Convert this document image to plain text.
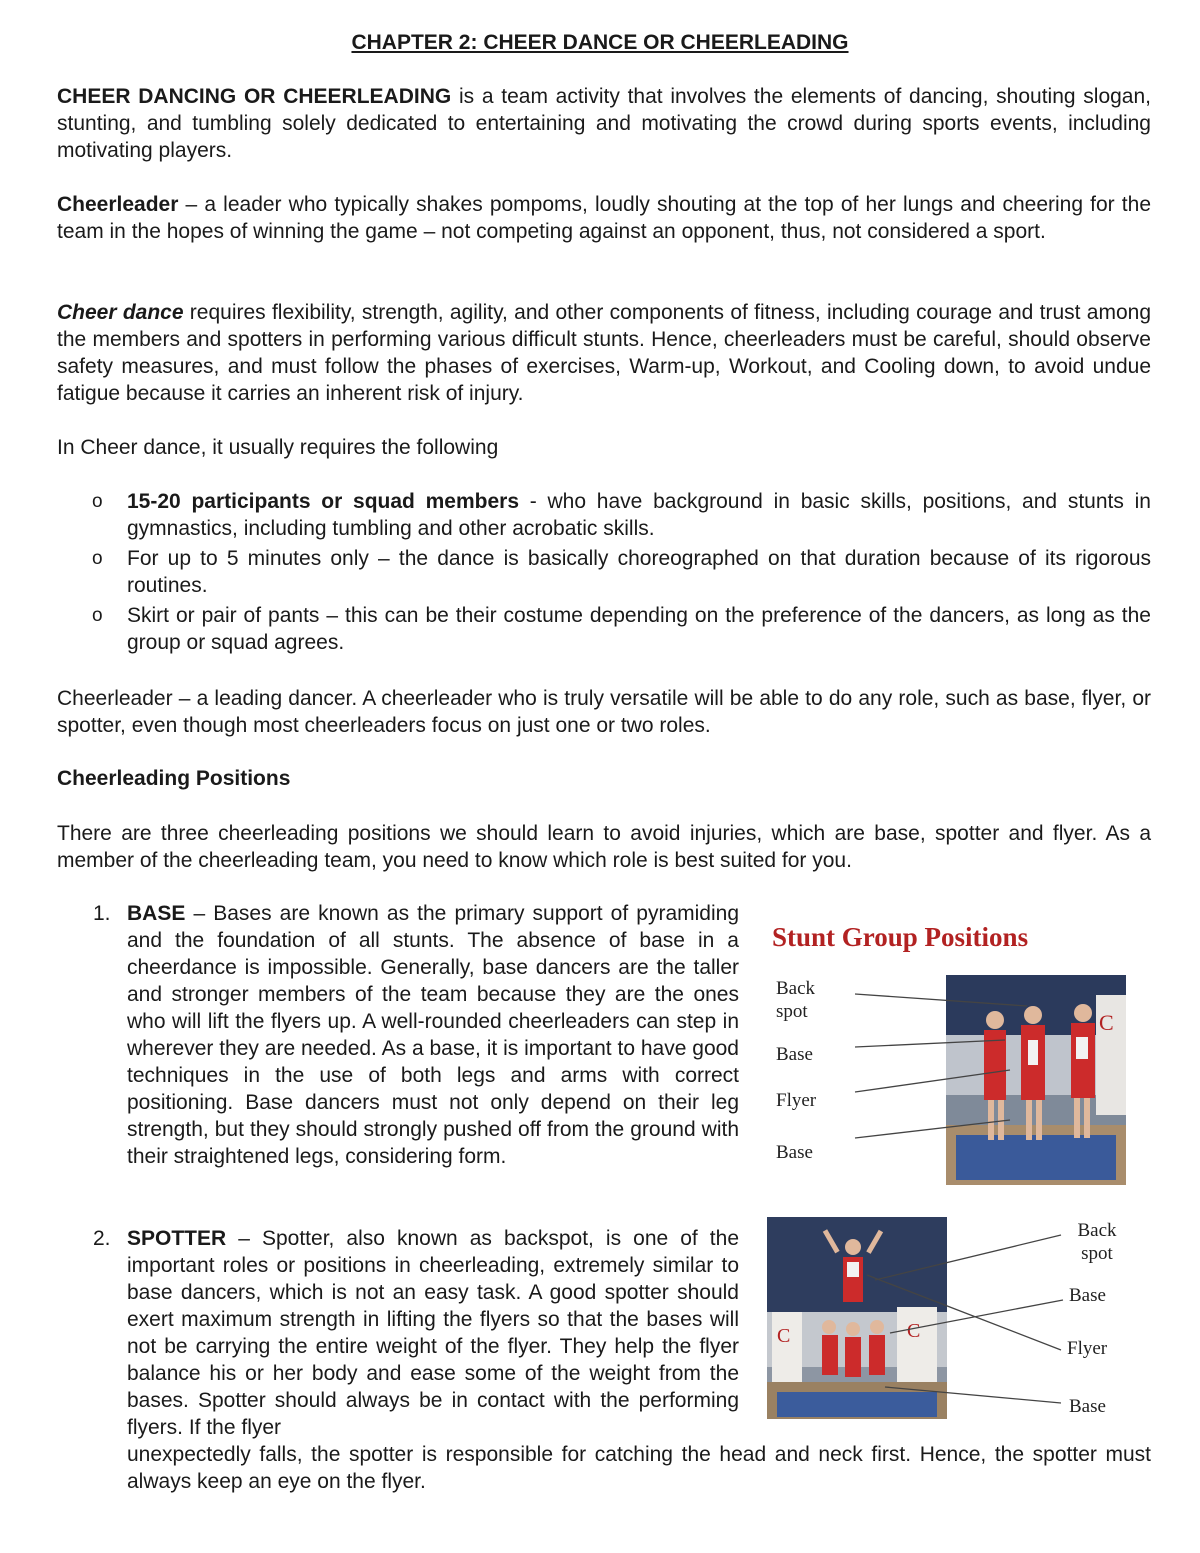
CHAPTER 2: CHEER DANCE OR CHEERLEADING

CHEER DANCING OR CHEERLEADING is a team activity that involves the elements of dancing, shouting slogan, stunting, and tumbling solely dedicated to entertaining and motivating the crowd during sports events, including motivating players.

Cheerleader – a leader who typically shakes pompoms, loudly shouting at the top of her lungs and cheering for the team in the hopes of winning the game – not competing against an opponent, thus, not considered a sport.

Cheer dance requires flexibility, strength, agility, and other components of fitness, including courage and trust among the members and spotters in performing various difficult stunts. Hence, cheerleaders must be careful, should observe safety measures, and must follow the phases of exercises, Warm-up, Workout, and Cooling down, to avoid undue fatigue because it carries an inherent risk of injury.

In Cheer dance, it usually requires the following

o 15-20 participants or squad members - who have background in basic skills, positions, and stunts in gymnastics, including tumbling and other acrobatic skills.
o For up to 5 minutes only – the dance is basically choreographed on that duration because of its rigorous routines.
o Skirt or pair of pants – this can be their costume depending on the preference of the dancers, as long as the group or squad agrees.

Cheerleader – a leading dancer. A cheerleader who is truly versatile will be able to do any role, such as base, flyer, or spotter, even though most cheerleaders focus on just one or two roles.

Cheerleading Positions

There are three cheerleading positions we should learn to avoid injuries, which are base, spotter and flyer. As a member of the cheerleading team, you need to know which role is best suited for you.

1. BASE – Bases are known as the primary support of pyramiding and the foundation of all stunts. The absence of base in a cheerdance is impossible. Generally, base dancers are the taller and stronger members of the team because they are the ones who will lift the flyers up. A well-rounded cheerleaders can step in wherever they are needed. As a base, it is important to have good techniques in the use of both legs and arms with correct positioning. Base dancers must not only depend on their leg strength, but they should strongly pushed off from the ground with their straightened legs, considering form.
2. SPOTTER – Spotter, also known as backspot, is one of the important roles or positions in cheerleading, extremely similar to base dancers, which is not an easy task. A good spotter should exert maximum strength in lifting the flyers so that the bases will not be carrying the entire weight of the flyer. They help the flyer balance his or her body and ease some of the weight from the bases. Spotter should always be in contact with the performing flyers. If the flyer
unexpectedly falls, the spotter is responsible for catching the head and neck first. Hence, the spotter must always keep an eye on the flyer.
Stunt Group Positions
Back spot
Base
Flyer
Base
C
C	C
Back spot
Base
Flyer
Base
